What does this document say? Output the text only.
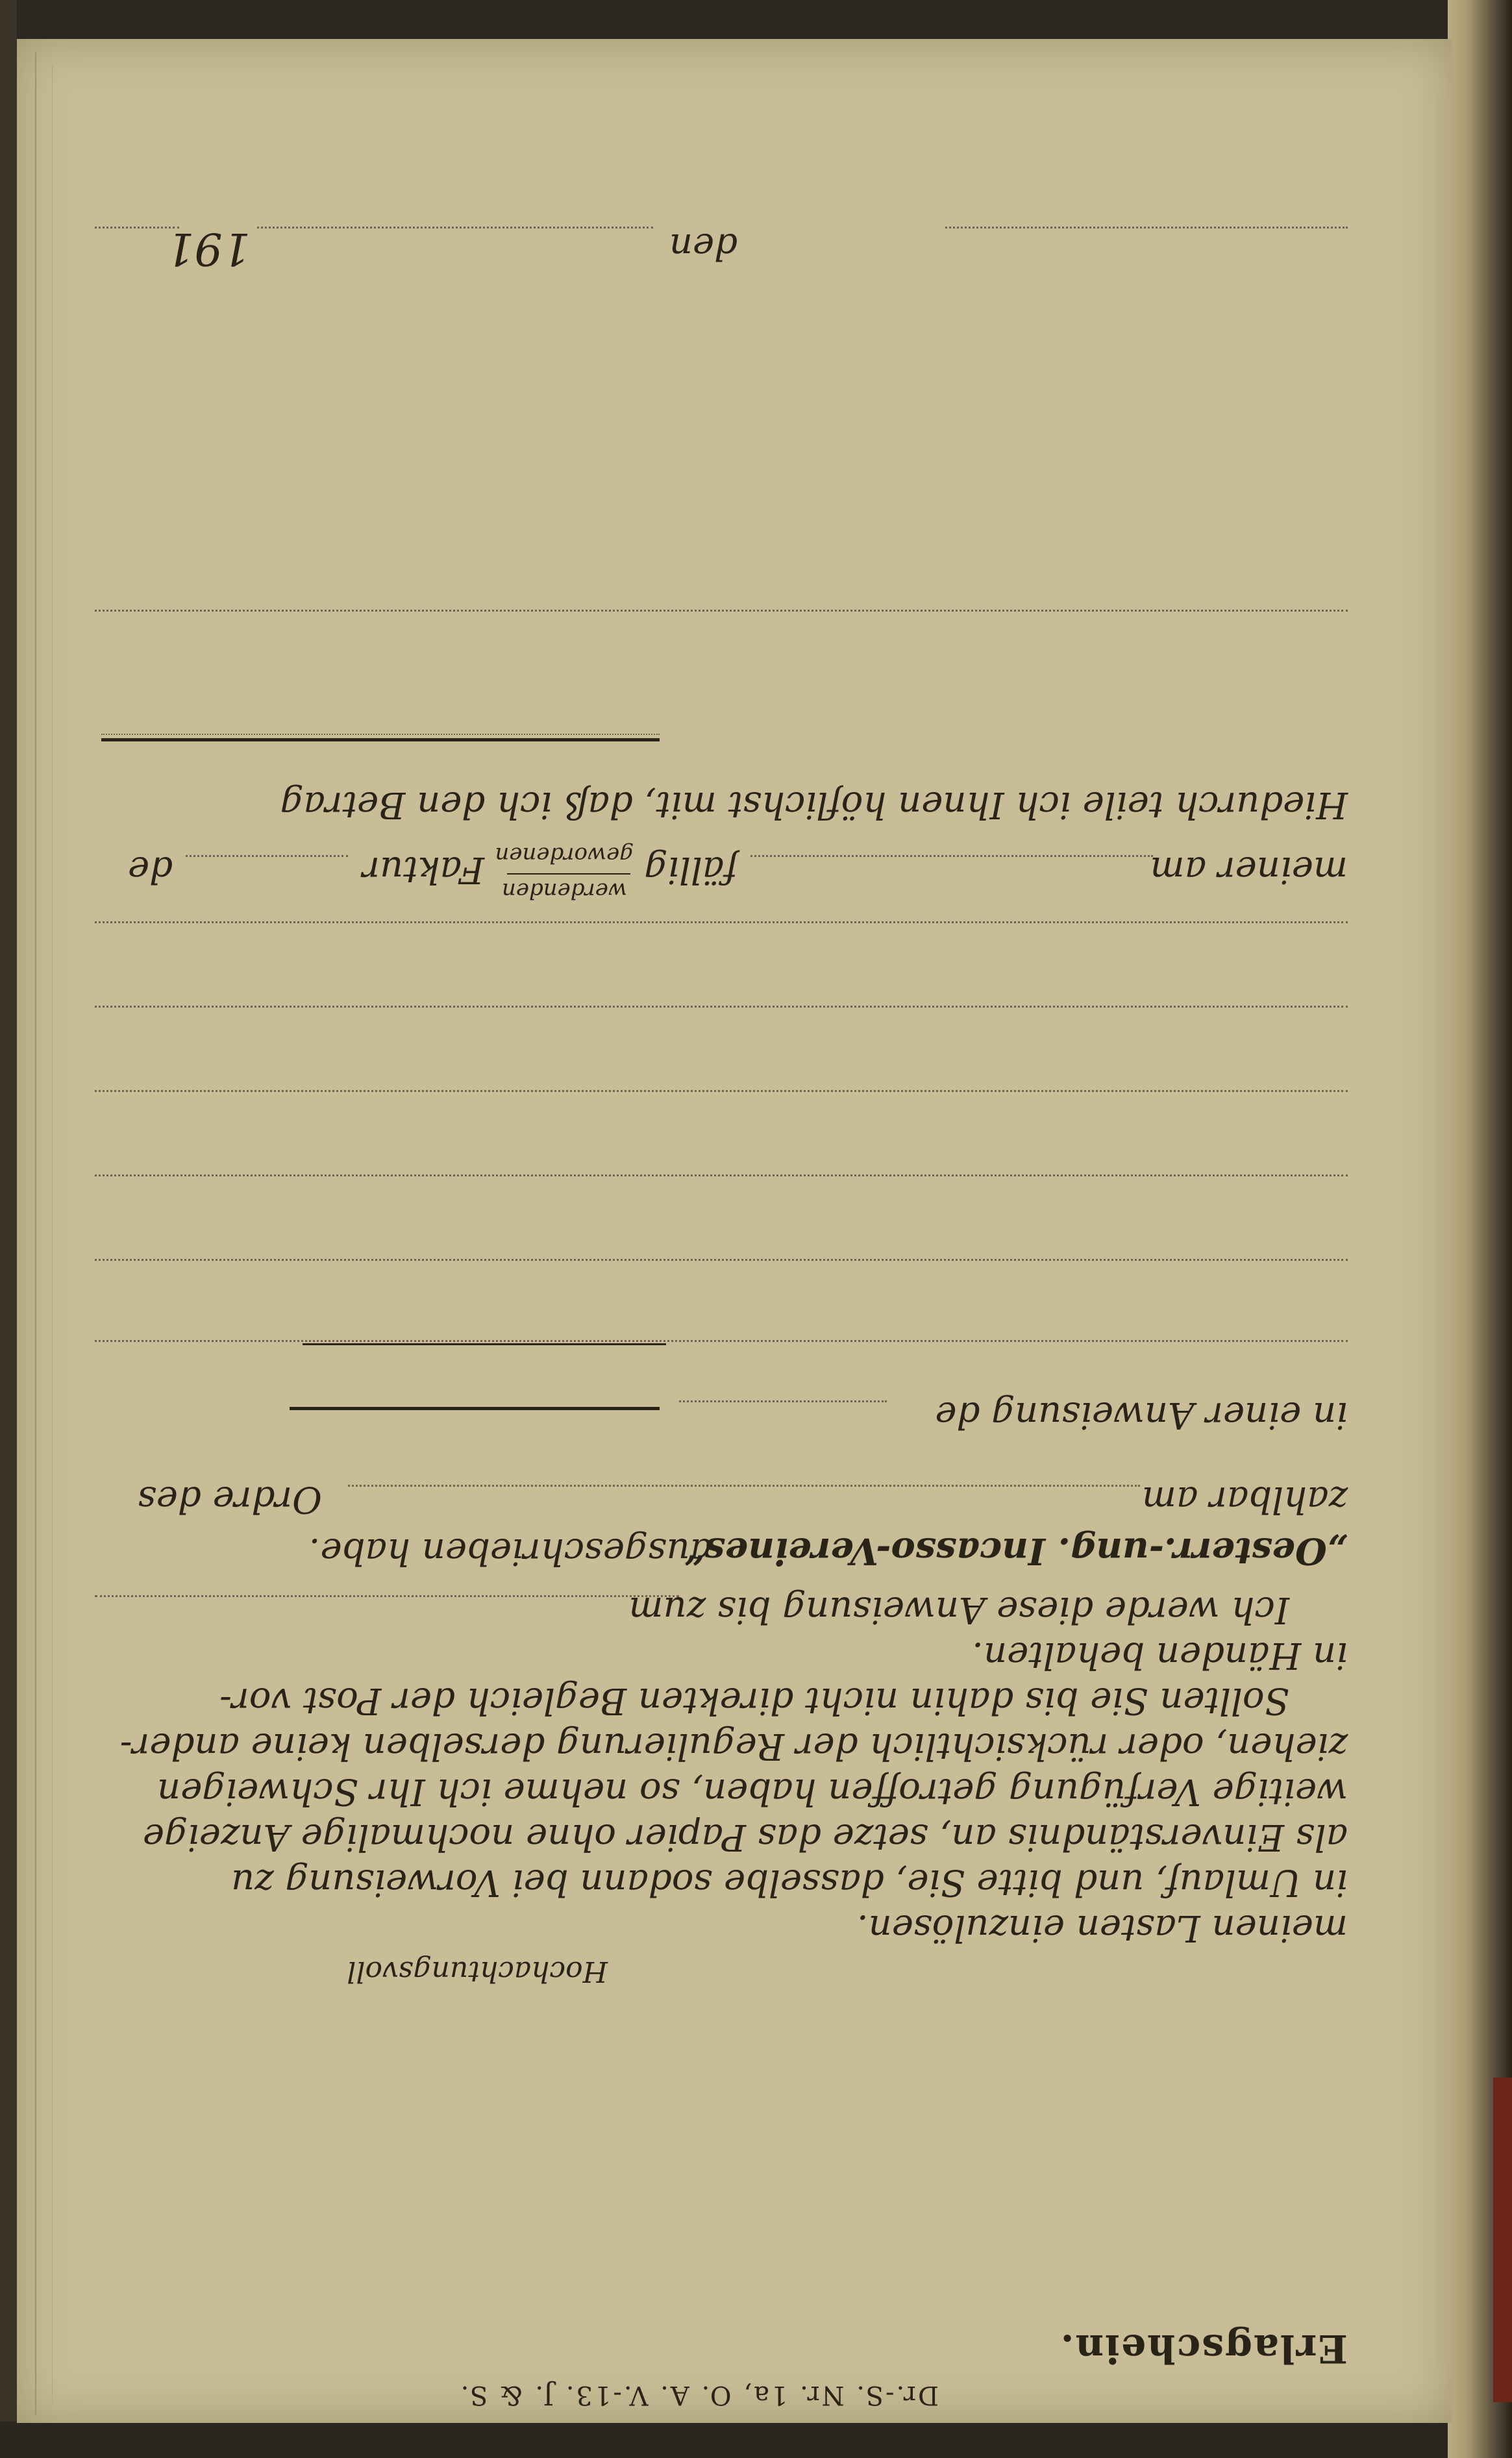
Dr.-S. Nr. 1a, O. A. V.-13. J. & S.
Erlagschein.
Hochachtungsvoll
meinen Lasten einzulösen.
in Umlauf, und bitte Sie, dasselbe sodann bei Vorweisung zu
als Einverständnis an, setze das Papier ohne nochmalige Anzeige
weitige Verfügung getroffen haben, so nehme ich Ihr Schweigen
ziehen, oder rücksichtlich der Regulierung derselben keine ander-
Sollten Sie bis dahin nicht direkten Begleich der Post vor-
in Händen behalten.
Ich werde diese Anweisung bis zum
„Oesterr.-ung. Incasso-Vereines“
ausgeschrieben habe.
zahlbar am
Ordre des
in einer Anweisung de
meiner am
fällig
werdenden
gewordenen
Faktur
de
Hiedurch teile ich Ihnen höflichst mit, daß ich den Betrag
den
191
